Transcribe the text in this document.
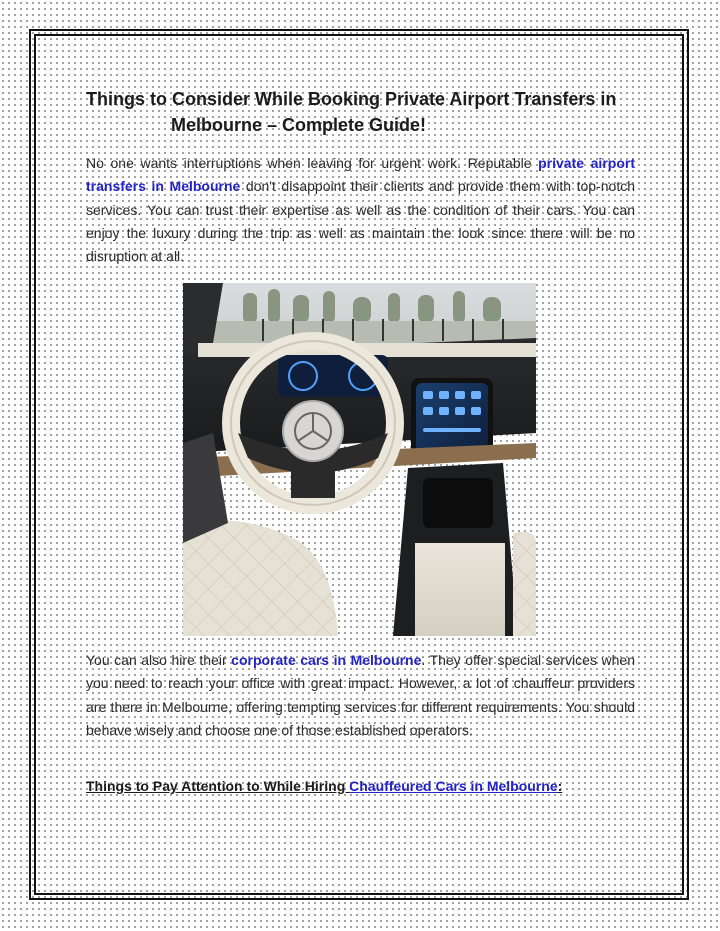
Things to Consider While Booking Private Airport Transfers in
Melbourne – Complete Guide!

No one wants interruptions when leaving for urgent work. Reputable private airport transfers in Melbourne don't disappoint their clients and provide them with top-notch services. You can trust their expertise as well as the condition of their cars. You can enjoy the luxury during the trip as well as maintain the look since there will be no disruption at all.

You can also hire their corporate cars in Melbourne. They offer special services when you need to reach your office with great impact. However, a lot of chauffeur providers are there in Melbourne, offering tempting services for different requirements. You should behave wisely and choose one of those established operators.

Things to Pay Attention to While Hiring Chauffeured Cars in Melbourne:
